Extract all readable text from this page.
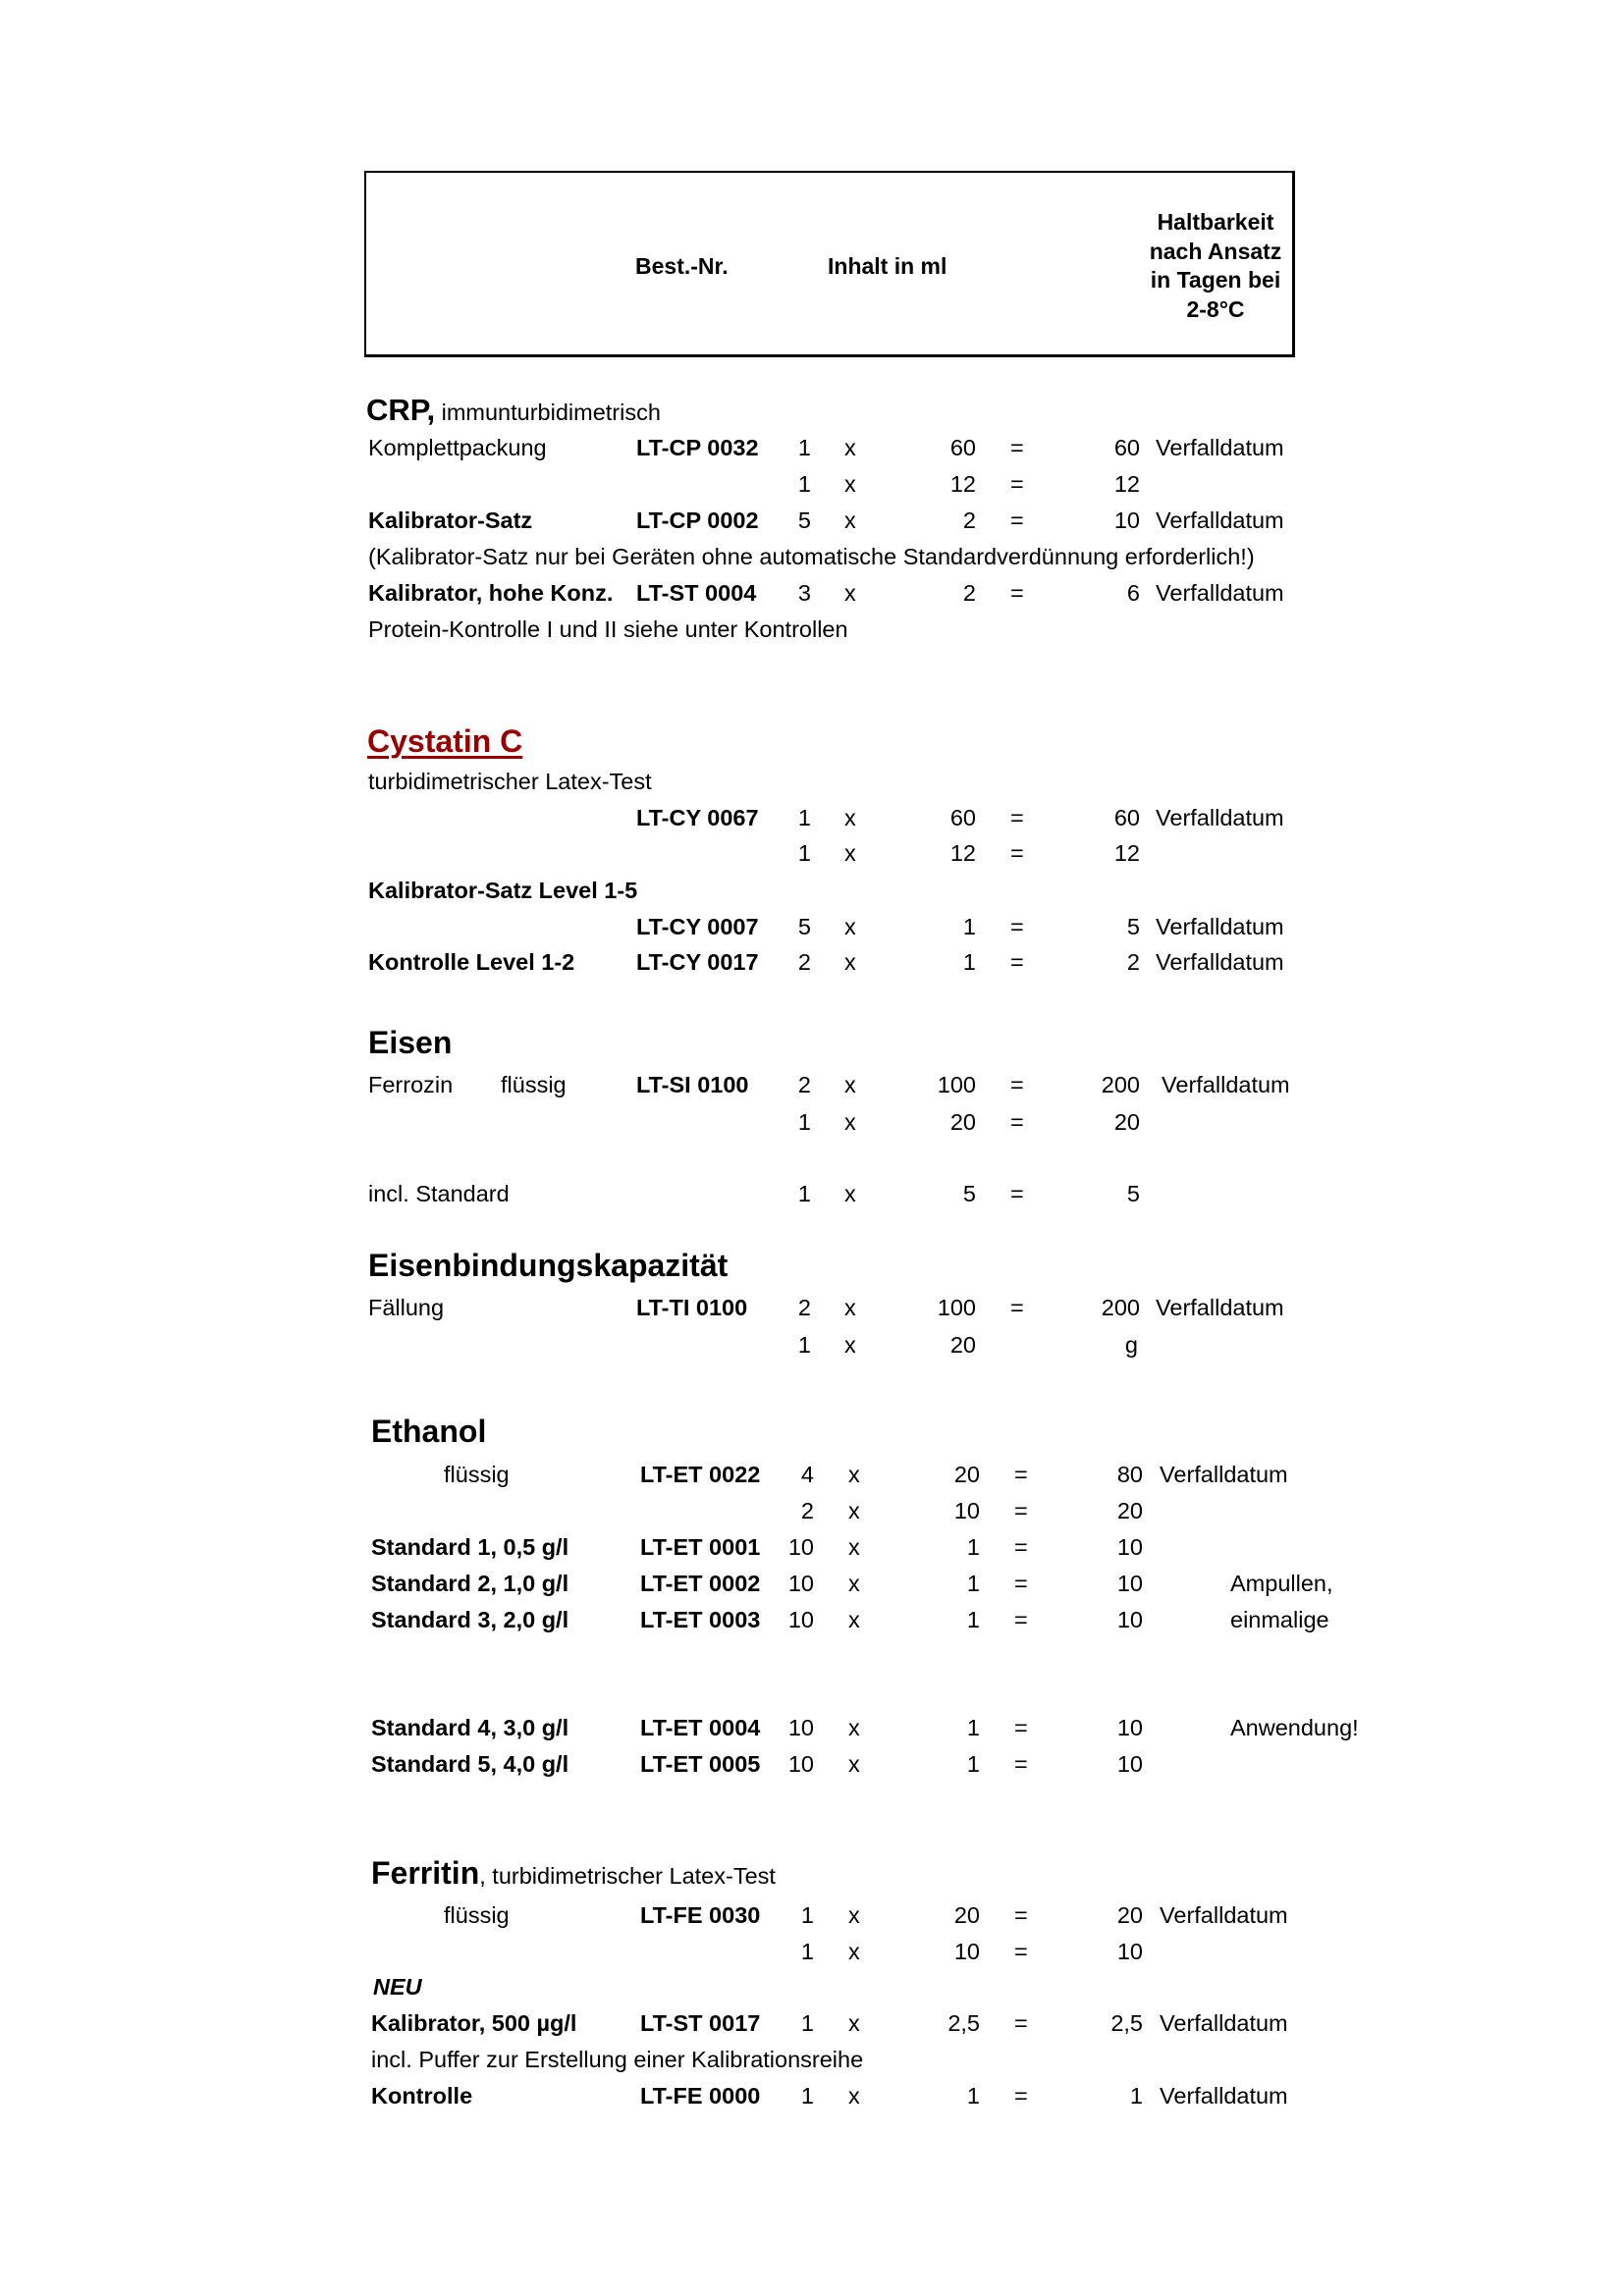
Best.-Nr.	Inhalt in ml
Haltbarkeit
nach Ansatz
in Tagen bei
2-8°C
CRP, immunturbidimetrisch
Komplettpackung	LT-CP 0032 1 x	60 =	60 Verfalldatum
1 x	12 =	12
Kalibrator-Satz	LT-CP 0002 5 x	2 =	10 Verfalldatum
(Kalibrator-Satz nur bei Geräten ohne automatische Standardverdünnung erforderlich!)
Kalibrator, hohe Konz. LT-ST 0004 3 x	2 =	6 Verfalldatum
Protein-Kontrolle I und II siehe unter Kontrollen
Cystatin C
turbidimetrischer Latex-Test
LT-CY 0067 1 x	60 =	60 Verfalldatum
1 x	12 =	12
Kalibrator-Satz Level 1-5
LT-CY 0007 5 x	1 =	5 Verfalldatum
Kontrolle Level 1-2	LT-CY 0017 2 x	1 =	2 Verfalldatum
Eisen
Ferrozin flüssig	LT-SI 0100 2 x	100 =	200 Verfalldatum
1 x	20 =	20
incl. Standard	1 x	5 =	5
Eisenbindungskapazität
Fällung	LT-TI 0100 2 x	100 =	200 Verfalldatum
1 x	20	g
Ethanol
flüssig	LT-ET 0022 4 x	20 =	80 Verfalldatum
2 x	10 =	20
Standard 1, 0,5 g/l	LT-ET 0001 10 x	1 =	10
Standard 2, 1,0 g/l	LT-ET 0002 10 x	1 =	10	Ampullen,
Standard 3, 2,0 g/l	LT-ET 0003 10 x	1 =	10	einmalige
Standard 4, 3,0 g/l	LT-ET 0004 10 x	1 =	10	Anwendung!
Standard 5, 4,0 g/l	LT-ET 0005 10 x	1 =	10
Ferritin, turbidimetrischer Latex-Test
flüssig	LT-FE 0030 1 x	20 =	20 Verfalldatum
1 x	10 =	10
NEU
Kalibrator, 500 µg/l	LT-ST 0017 1 x	2,5 =	2,5 Verfalldatum
incl. Puffer zur Erstellung einer Kalibrationsreihe
Kontrolle	LT-FE 0000 1 x	1 =	1 Verfalldatum
